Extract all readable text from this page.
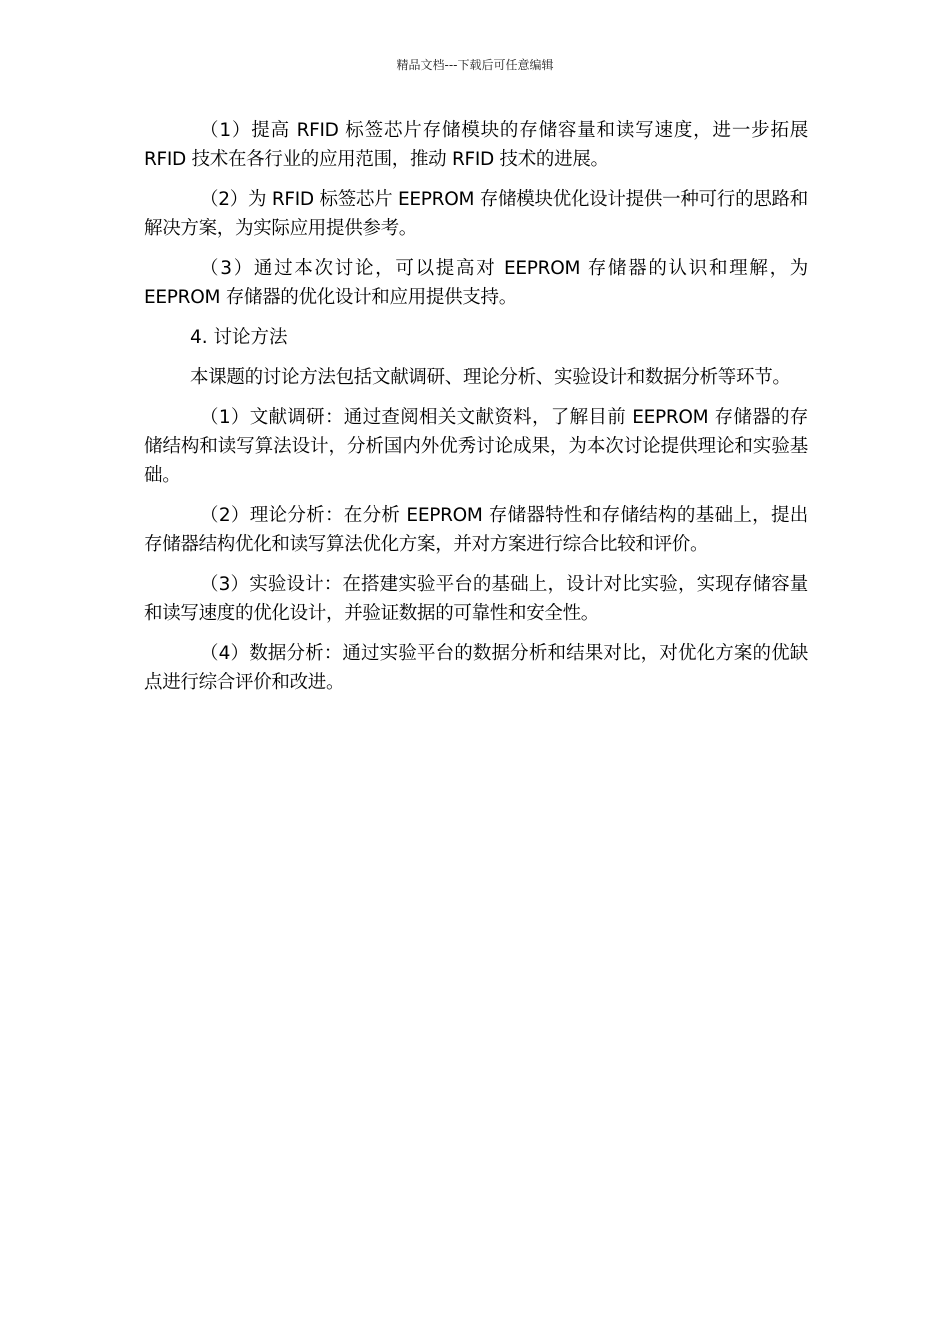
精品文档---下载后可任意编辑

（1）提高 RFID 标签芯片存储模块的存储容量和读写速度，进一步拓展 RFID 技术在各行业的应用范围，推动 RFID 技术的进展。

（2）为 RFID 标签芯片 EEPROM 存储模块优化设计提供一种可行的思路和解决方案，为实际应用提供参考。

（3）通过本次讨论，可以提高对 EEPROM 存储器的认识和理解，为 EEPROM 存储器的优化设计和应用提供支持。

4. 讨论方法

本课题的讨论方法包括文献调研、理论分析、实验设计和数据分析等环节。

（1）文献调研：通过查阅相关文献资料，了解目前 EEPROM 存储器的存储结构和读写算法设计，分析国内外优秀讨论成果，为本次讨论提供理论和实验基础。

（2）理论分析：在分析 EEPROM 存储器特性和存储结构的基础上，提出存储器结构优化和读写算法优化方案，并对方案进行综合比较和评价。

（3）实验设计：在搭建实验平台的基础上，设计对比实验，实现存储容量和读写速度的优化设计，并验证数据的可靠性和安全性。

（4）数据分析：通过实验平台的数据分析和结果对比，对优化方案的优缺点进行综合评价和改进。
